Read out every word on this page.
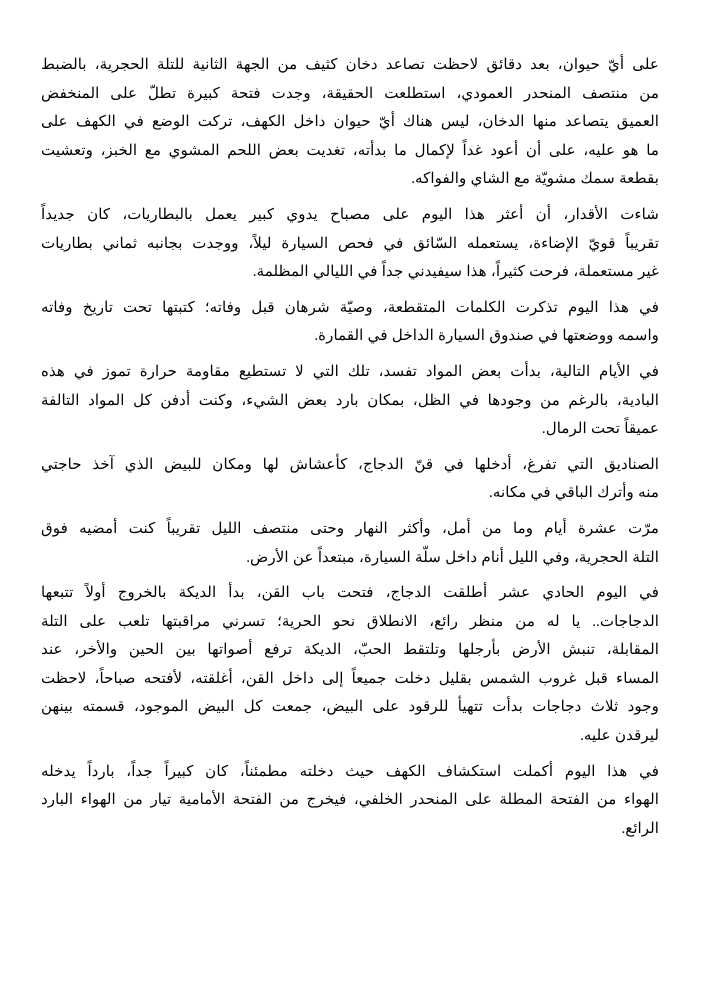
على أيّ حيوان، بعد دقائق لاحظت تصاعد دخان كثيف من الجهة الثانية للتلة الحجرية، بالضبط
من منتصف المنحدر العمودي، استطلعت الحقيقة، وجدت فتحة كبيرة تطلّ على المنخفض
العميق يتصاعد منها الدخان، ليس هناك أيّ حيوان داخل الكهف، تركت الوضع في الكهف على
ما هو عليه، على أن أعود غداً لإكمال ما بدأته، تغديت بعض اللحم المشوي مع الخبز، وتعشيت
بقطعة سمك مشويّة مع الشاي والفواكه.

شاءت الأقدار، أن أعثر هذا اليوم على مصباح يدوي كبير يعمل بالبطاريات، كان جديداً
تقريباً قويّ الإضاءة، يستعمله السّائق في فحص السيارة ليلاً، ووجدت بجانبه ثماني بطاريات
غير مستعملة، فرحت كثيراً، هذا سيفيدني جداً في الليالي المظلمة.

في هذا اليوم تذكرت الكلمات المتقطعة، وصيّة شرهان قبل وفاته؛ كتبتها تحت تاريخ وفاته
واسمه ووضعتها في صندوق السيارة الداخل في القمارة.

في الأيام التالية، بدأت بعض المواد تفسد، تلك التي لا تستطيع مقاومة حرارة تموز في هذه
البادية، بالرغم من وجودها في الظل، بمكان بارد بعض الشيء، وكنت أدفن كل المواد التالفة
عميقاً تحت الرمال.

الصناديق التي تفرغ، أدخلها في قنّ الدجاج، كأعشاش لها ومكان للبيض الذي آخذ حاجتي
منه وأترك الباقي في مكانه.

مرّت عشرة أيام وما من أمل، وأكثر النهار وحتى منتصف الليل تقريباً كنت أمضيه فوق
التلة الحجرية، وفي الليل أنام داخل سلّة السيارة، مبتعداً عن الأرض.

في اليوم الحادي عشر أطلقت الدجاج، فتحت باب القن، بدأ الديكة بالخروج أولاً تتبعها
الدجاجات.. يا له من منظر رائع، الانطلاق نحو الحرية؛ تسرني مراقبتها تلعب على التلة
المقابلة، تنبش الأرض بأرجلها وتلتقط الحبّ، الديكة ترفع أصواتها بين الحين والأخر، عند
المساء قبل غروب الشمس بقليل دخلت جميعاً إلى داخل القن، أغلقته، لأفتحه صباحاً، لاحظت
وجود ثلاث دجاجات بدأت تتهيأ للرقود على البيض، جمعت كل البيض الموجود، قسمته بينهن
ليرقدن عليه.

في هذا اليوم أكملت استكشاف الكهف حيث دخلته مطمئناً، كان كبيراً جداً، بارداً يدخله
الهواء من الفتحة المطلة على المنحدر الخلفي، فيخرج من الفتحة الأمامية تيار من الهواء البارد
الرائع.
